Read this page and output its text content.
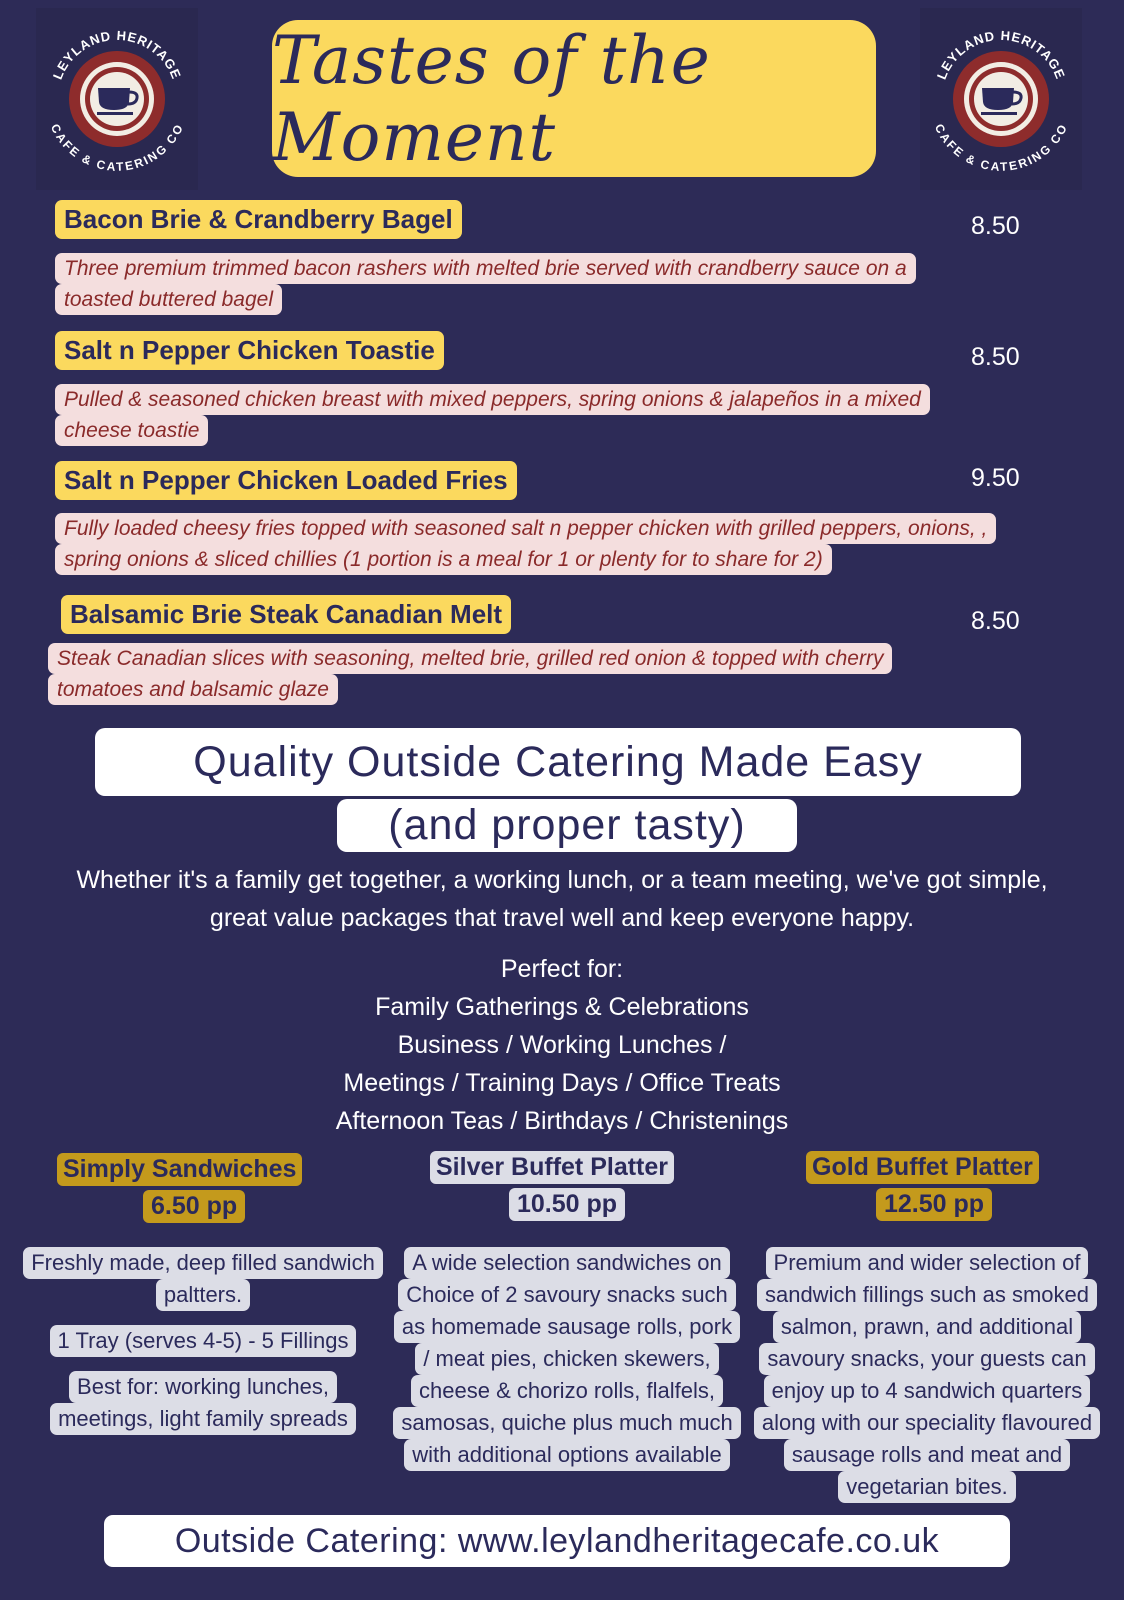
LEYLAND HERITAGE
CAFE & CATERING CO
LEYLAND HERITAGE
CAFE & CATERING CO
Tastes of the Moment
Bacon Brie & Crandberry Bagel	8.50
Three premium trimmed bacon rashers with melted brie served with crandberry sauce on a
toasted buttered bagel
Salt n Pepper Chicken Toastie	8.50
Pulled & seasoned chicken breast with mixed peppers, spring onions & jalapeños in a mixed
cheese toastie
Salt n Pepper Chicken Loaded Fries	9.50
Fully loaded cheesy fries topped with seasoned salt n pepper chicken with grilled peppers, onions, ,
spring onions & sliced chillies (1 portion is a meal for 1 or plenty for to share for 2)
Balsamic Brie Steak Canadian Melt	8.50
Steak Canadian slices with seasoning, melted brie, grilled red onion & topped with cherry
tomatoes and balsamic glaze
Quality Outside Catering Made Easy
(and proper tasty)
Whether it's a family get together, a working lunch, or a team meeting, we've got simple,
great value packages that travel well and keep everyone happy.
Perfect for:
Family Gatherings & Celebrations
Business / Working Lunches /
Meetings / Training Days / Office Treats
Afternoon Teas / Birthdays / Christenings
Simply Sandwiches
6.50 pp
Freshly made, deep filled sandwich
paltters.
1 Tray (serves 4-5) - 5 Fillings
Best for: working lunches,
meetings, light family spreads
Silver Buffet Platter
10.50 pp
A wide selection sandwiches on
Choice of 2 savoury snacks such
as homemade sausage rolls, pork
/ meat pies, chicken skewers,
cheese & chorizo rolls, flalfels,
samosas, quiche plus much much
with additional options available
Gold Buffet Platter
12.50 pp
Premium and wider selection of
sandwich fillings such as smoked
salmon, prawn, and additional
savoury snacks, your guests can
enjoy up to 4 sandwich quarters
along with our speciality flavoured
sausage rolls and meat and
vegetarian bites.
Outside Catering: www.leylandheritagecafe.co.uk
